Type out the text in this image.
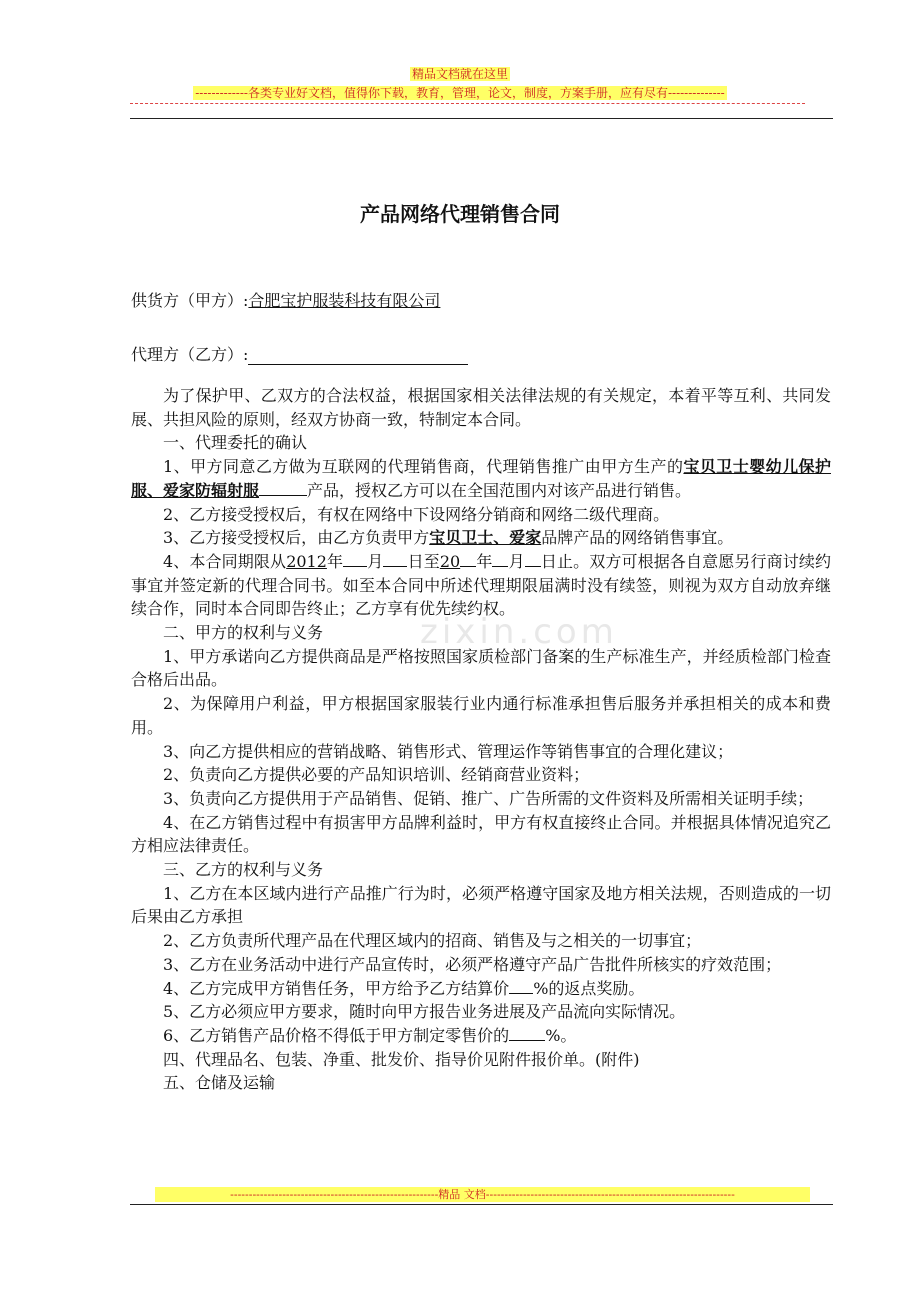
精品文档就在这里
-------------各类专业好文档，值得你下载，教育，管理，论文，制度，方案手册，应有尽有--------------
zixin.com
产品网络代理销售合同
供货方（甲方）:合肥宝护服装科技有限公司
代理方（乙方）:

为了保护甲、乙双方的合法权益，根据国家相关法律法规的有关规定，本着平等互利、共同发展、共担风险的原则，经双方协商一致，特制定本合同。

一、代理委托的确认

1、甲方同意乙方做为互联网的代理销售商，代理销售推广由甲方生产的宝贝卫士婴幼儿保护服、爱家防辐射服	产品，授权乙方可以在全国范围内对该产品进行销售。

2、乙方接受授权后，有权在网络中下设网络分销商和网络二级代理商。

3、乙方接受授权后，由乙方负责甲方宝贝卫士、爱家品牌产品的网络销售事宜。

4、本合同期限从2012年 月 日至20 年 月 日止。双方可根据各自意愿另行商讨续约事宜并签定新的代理合同书。如至本合同中所述代理期限届满时没有续签，则视为双方自动放弃继续合作，同时本合同即告终止；乙方享有优先续约权。

二、甲方的权利与义务

1、甲方承诺向乙方提供商品是严格按照国家质检部门备案的生产标准生产，并经质检部门检查合格后出品。

2、为保障用户利益，甲方根据国家服装行业内通行标准承担售后服务并承担相关的成本和费用。

3、向乙方提供相应的营销战略、销售形式、管理运作等销售事宜的合理化建议；

2、负责向乙方提供必要的产品知识培训、经销商营业资料；

3、负责向乙方提供用于产品销售、促销、推广、广告所需的文件资料及所需相关证明手续；

4、在乙方销售过程中有损害甲方品牌利益时，甲方有权直接终止合同。并根据具体情况追究乙方相应法律责任。

三、乙方的权利与义务

1、乙方在本区域内进行产品推广行为时，必须严格遵守国家及地方相关法规，否则造成的一切后果由乙方承担

2、乙方负责所代理产品在代理区域内的招商、销售及与之相关的一切事宜；

3、乙方在业务活动中进行产品宣传时，必须严格遵守产品广告批件所核实的疗效范围；

4、乙方完成甲方销售任务，甲方给予乙方结算价 %的返点奖励。

5、乙方必须应甲方要求，随时向甲方报告业务进展及产品流向实际情况。

6、乙方销售产品价格不得低于甲方制定零售价的 %。

四、代理品名、包装、净重、批发价、指导价见附件报价单。(附件)

五、仓储及运输

--------------------------------------------------------精品 文档-------------------------------------------------------------------
